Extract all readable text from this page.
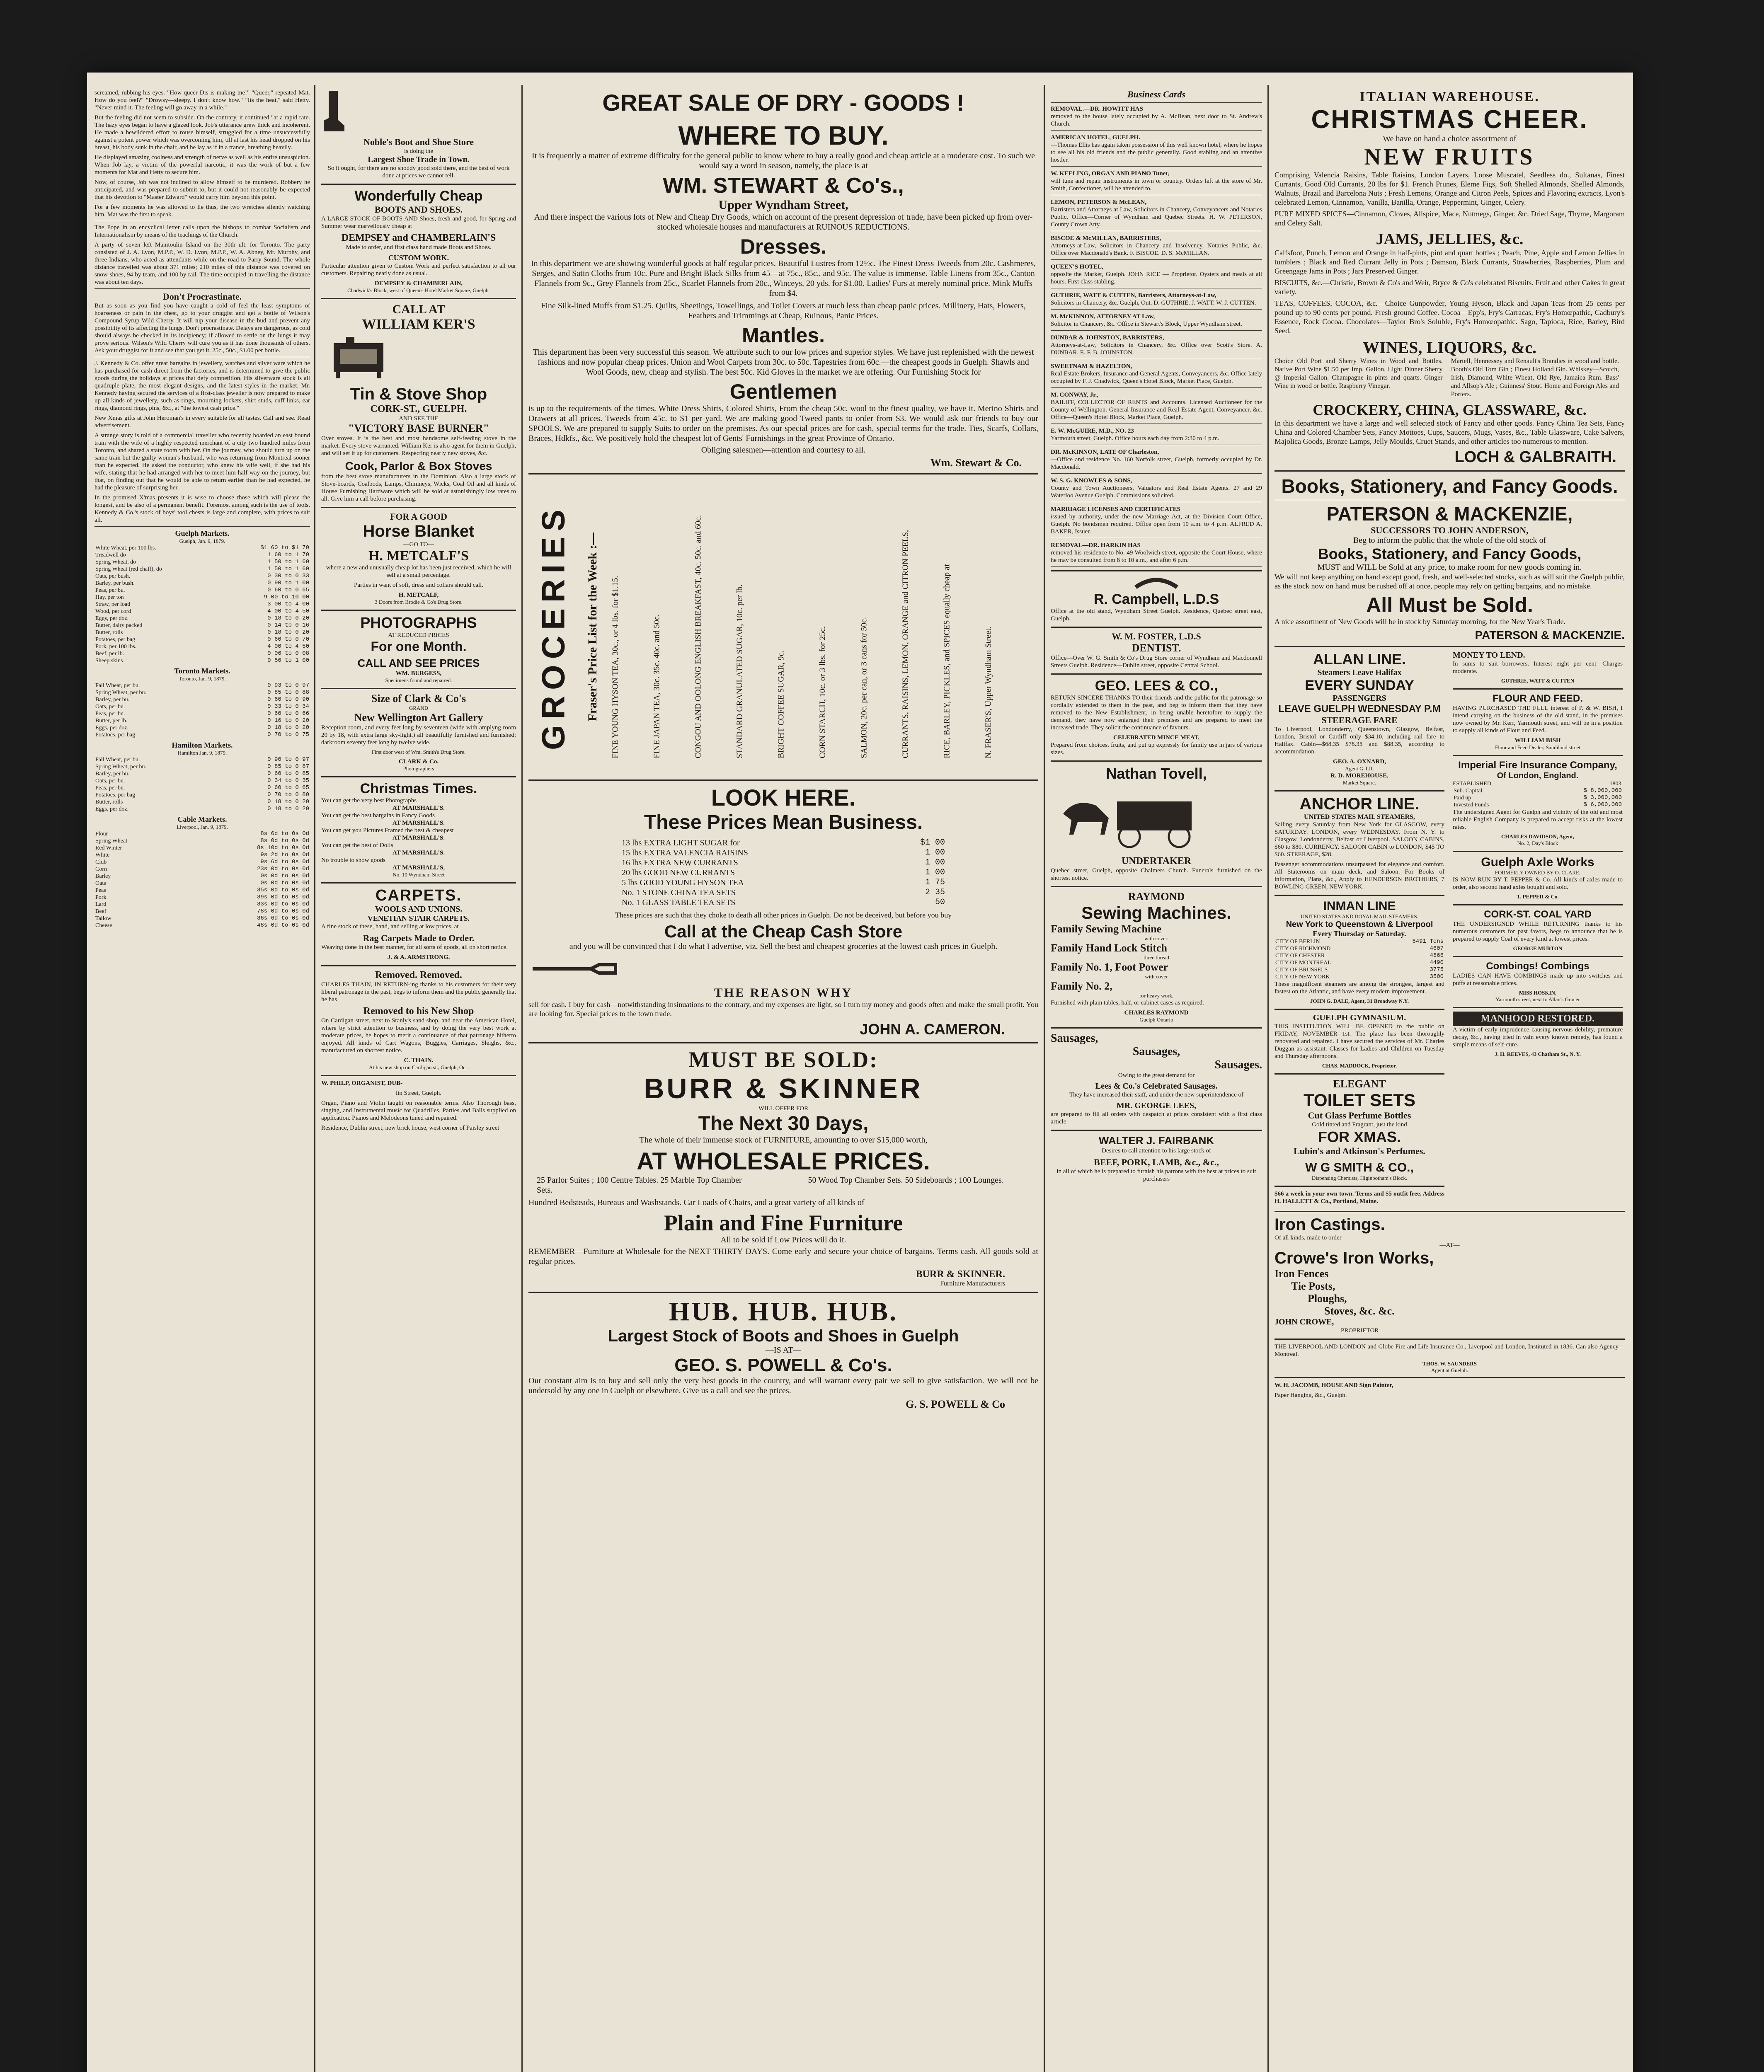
screamed, rubbing his eyes. "How queer Dis is making me!" "Queer," repeated Mat. How do you feel?" "Drowsy—sleepy. I don't know how." "Its the heat," said Hetty. "Never mind it. The feeling will go away in a while."

But the feeling did not seem to subside. On the contrary, it continued "at a rapid rate. The hazy eyes began to have a glazed look. Job's utterance grew thick and incoherent. He made a bewildered effort to rouse himself, struggled for a time unsuccessfully against a potent power which was overcoming him, till at last his head dropped on his breast, his body sunk in the chair, and he lay as if in a trance, breathing heavily.

He displayed amazing coolness and strength of nerve as well as his entire unsuspicion. When Job lay, a victim of the powerful narcotic, it was the work of but a few moments for Mat and Hetty to secure him.

Now, of course, Job was not inclined to allow himself to be murdered. Robbery he anticipated, and was prepared to submit to, but it could not reasonably be expected that his devotion to "Master Edward" would carry him beyond this point.

For a few moments he was allowed to lie thus, the two wretches silently watching him. Mat was the first to speak.

The Pope in an encyclical letter calls upon the bishops to combat Socialism and Internationalism by means of the teachings of the Church.

A party of seven left Manitoulin Island on the 30th ult. for Toronto. The party consisted of J. A. Lyon, M.P.P., W. D. Lyon, M.P.P., W. A. Abney, Mr. Murphy, and three Indians, who acted as attendants while on the road to Parry Sound. The whole distance travelled was about 371 miles; 210 miles of this distance was covered on snow-shoes, 94 by team, and 100 by rail. The time occupied in travelling the distance was about ten days.

Don't Procrastinate.

But as soon as you find you have caught a cold of feel the least symptoms of hoarseness or pain in the chest, go to your druggist and get a bottle of Wilson's Compound Syrup Wild Cherry. It will nip your disease in the bud and prevent any possibility of its affecting the lungs. Don't procrastinate. Delays are dangerous, as cold should always be checked in its incipiency; if allowed to settle on the lungs it may prove serious. Wilson's Wild Cherry will cure you as it has done thousands of others. Ask your druggist for it and see that you get it. 25c., 50c., $1.00 per bottle.

J. Kennedy & Co. offer great bargains in jewellery, watches and silver ware which he has purchased for cash direct from the factories, and is determined to give the public goods during the holidays at prices that defy competition. His silverware stock is all quadruple plate, the most elegant designs, and the latest styles in the market. Mr. Kennedy having secured the services of a first-class jeweller is now prepared to make up all kinds of jewellery, such as rings, mourning lockets, shirt studs, cuff links, ear rings, diamond rings, pins, &c., at "the lowest cash price."

New Xmas gifts at John Heroman's in every suitable for all tastes. Call and see. Read advertisement.

A strange story is told of a commercial traveller who recently boarded an east bound train with the wife of a highly respected merchant of a city two hundred miles from Toronto, and shared a state room with her. On the journey, who should turn up on the same train but the guilty woman's husband, who was returning from Montreal sooner than he expected. He asked the conductor, who knew his wife well, if she had his wife, stating that he had arranged with her to meet him half way on the journey, but that, on finding out that he would be able to return earlier than he had expected, he had the pleasure of surprising her.

In the promised X'mas presents it is wise to choose those which will please the longest, and be also of a permanent benefit. Foremost among such is the use of tools. Kennedy & Co.'s stock of boys' tool chests is large and complete, with prices to suit all.

Guelph Markets.
Guelph, Jan. 9, 1879.
White Wheat, per 100 lbs.	$1 60 to $1 70
Treadwell do	1 60 to 1 70
Spring Wheat, do	1 50 to 1 60
Spring Wheat (red chaff), do	1 50 to 1 60
Oats, per bush.	0 30 to 0 33
Barley, per bush.	0 90 to 1 00
Peas, per bu.	0 60 to 0 65
Hay, per ton	9 00 to 10 00
Straw, per load	3 00 to 4 00
Wood, per cord	4 00 to 4 50
Eggs, per doz.	0 18 to 0 20
Butter, dairy packed	0 14 to 0 16
Butter, rolls	0 18 to 0 20
Potatoes, per bag	0 60 to 0 70
Pork, per 100 lbs.	4 00 to 4 50
Beef, per lb.	0 06 to 0 08
Sheep skins	0 50 to 1 00
Toronto Markets.
Toronto, Jan. 9, 1879.
Fall Wheat, per bu.	0 93 to 0 97
Spring Wheat, per bu.	0 85 to 0 88
Barley, per bu.	0 60 to 0 90
Oats, per bu.	0 33 to 0 34
Peas, per bu.	0 60 to 0 66
Butter, per lb.	0 16 to 0 20
Eggs, per doz.	0 18 to 0 20
Potatoes, per bag	0 70 to 0 75
Hamilton Markets.
Hamilton Jan. 9, 1879.
Fall Wheat, per bu.	0 90 to 0 97
Spring Wheat, per bu.	0 85 to 0 87
Barley, per bu.	0 60 to 0 85
Oats, per bu.	0 34 to 0 35
Peas, per bu.	0 60 to 0 65
Potatoes, per bag	0 70 to 0 80
Butter, rolls	0 18 to 0 20
Eggs, per doz.	0 18 to 0 20
Cable Markets.
Liverpool, Jan. 9, 1879.
Flour	8s 6d to 0s 0d
Spring Wheat	8s 0d to 0s 0d
Red Winter	8s 10d to 0s 0d
White	9s 2d to 0s 0d
Club	9s 6d to 0s 0d
Corn	23s 0d to 0s 0d
Barley	0s 0d to 0s 0d
Oats	0s 0d to 0s 0d
Peas	35s 0d to 0s 0d
Pork	39s 0d to 0s 0d
Lard	33s 0d to 0s 0d
Beef	78s 0d to 0s 0d
Tallow	36s 6d to 0s 0d
Cheese	48s 0d to 0s 0d
Noble's Boot and Shoe Store
is doing the
Largest Shoe Trade in Town.

So it ought, for there are no shoddy good sold there, and the best of work done at prices we cannot tell.

Wonderfully Cheap
BOOTS AND SHOES.

A LARGE STOCK OF BOOTS AND Shoes, fresh and good, for Spring and Summer wear marvellously cheap at

DEMPSEY and CHAMBERLAIN'S

Made to order, and first class hand made Boots and Shoes.

CUSTOM WORK.

Particular attention given to Custom Work and perfect satisfaction to all our customers. Repairing neatly done as usual.

DEMPSEY & CHAMBERLAIN,
Chadwick's Block, west of Queen's Hotel Market Square, Guelph.
CALL AT
WILLIAM KER'S
Tin & Stove Shop
CORK-ST., GUELPH.
AND SEE THE
"VICTORY BASE BURNER"

Over stoves. It is the best and most handsome self-feeding stove in the market. Every stove warranted. William Ker is also agent for them in Guelph, and will set it up for customers. Respecting nearly new stoves, &c.

Cook, Parlor & Box Stoves

from the best stove manufacturers in the Dominion. Also a large stock of Stove-boards, Coalbods, Lamps, Chimneys, Wicks, Coal Oil and all kinds of House Furnishing Hardware which will be sold at astonishingly low rates to all. Give him a call before purchasing.

FOR A GOOD
Horse Blanket
—GO TO—
H. METCALF'S

where a new and unusually cheap lot has been just received, which he will sell at a small percentage.

Parties in want of soft, dress and collars should call.

H. METCALF,
3 Doors from Brodie & Co's Drug Store.
PHOTOGRAPHS
AT REDUCED PRICES
For one Month.
CALL AND SEE PRICES
WM. BURGESS,
Specimens found and repaired.
Size of Clark & Co's
GRAND
New Wellington Art Gallery

Reception room, and every feet long by seventeen (wide with amplyng room 20 by 18, with extra large sky-light.) all beautifully furnished and furnished; darkroom seventy feet long by twelve wide.

First door west of Wm. Smith's Drug Store.

CLARK & Co.
Photographers
Christmas Times.
You can get the very best Photographs
AT MARSHALL'S.
You can get the best bargains in Fancy Goods
AT MARSHALL'S.
You can get you Pictures Framed the best & cheapest
AT MARSHALL'S.
You can get the best of Dolls
AT MARSHALL'S.
No trouble to show goods
AT MARSHALL'S,
No. 10 Wyndham Street
CARPETS.
WOOLS AND UNIONS.
VENETIAN STAIR CARPETS.

A fine stock of these, hand, and selling at low prices, at

Rag Carpets Made to Order.

Weaving done in the best manner, for all sorts of goods, all on short notice.

J. & A. ARMSTRONG.
Removed. Removed.

CHARLES THAIN, IN RETURN-ing thanks to his customers for their very liberal patronage in the past, begs to inform them and the public generally that he has

Removed to his New Shop

On Cardigan street, next to Stanly's sand shop, and near the American Hotel, where by strict attention to business, and by doing the very best work at moderate prices, he hopes to merit a continuance of that patronage hitherto enjoyed. All kinds of Cart Wagons, Buggies, Carriages, Sleighs, &c., manufactured on shortest notice.

C. THAIN.
At his new shop on Cardigan st., Guelph, Oct.

W. PHILP, ORGANIST, DUB-

lin Street, Guelph.

Organ, Piano and Violin taught on reasonable terms. Also Thorough bass, singing, and Instrumental music for Quadrilles, Parties and Balls supplied on application. Pianos and Melodeons tuned and repaired.

Residence, Dublin street, new brick house, west corner of Paisley street

GREAT SALE OF DRY - GOODS !
WHERE TO BUY.

It is frequently a matter of extreme difficulty for the general public to know where to buy a really good and cheap article at a moderate cost. To such we would say a word in season, namely, the place is at

WM. STEWART & Co's.,
Upper Wyndham Street,

And there inspect the various lots of New and Cheap Dry Goods, which on account of the present depression of trade, have been picked up from over-stocked wholesale houses and manufacturers at RUINOUS REDUCTIONS.

Dresses.

In this department we are showing wonderful goods at half regular prices. Beautiful Lustres from 12½c. The Finest Dress Tweeds from 20c. Cashmeres, Serges, and Satin Cloths from 10c. Pure and Bright Black Silks from 45—at 75c., 85c., and 95c. The value is immense. Table Linens from 35c., Canton Flannels from 9c., Grey Flannels from 25c., Scarlet Flannels from 20c., Winceys, 20 yds. for $1.00. Ladies' Furs at merely nominal price. Mink Muffs from $4.

Fine Silk-lined Muffs from $1.25. Quilts, Sheetings, Towellings, and Toilet Covers at much less than cheap panic prices. Millinery, Hats, Flowers, Feathers and Trimmings at Cheap, Ruinous, Panic Prices.

Mantles.

This department has been very successful this season. We attribute such to our low prices and superior styles. We have just replenished with the newest fashions and now popular cheap prices. Union and Wool Carpets from 30c. to 50c. Tapestries from 60c.—the cheapest goods in Guelph. Shawls and Wool Goods, new, cheap and stylish. The best 50c. Kid Gloves in the market we are offering. Our Furnishing Stock for

Gentlemen

is up to the requirements of the times. White Dress Shirts, Colored Shirts, From the cheap 50c. wool to the finest quality, we have it. Merino Shirts and Drawers at all prices. Tweeds from 45c. to $1 per yard. We are making good Tweed pants to order from $3. We would ask our friends to buy our SPOOLS. We are prepared to supply Suits to order on the premises. As our special prices are for cash, special terms for the trade. Ties, Scarfs, Collars, Braces, Hdkfs., &c. We positively hold the cheapest lot of Gents' Furnishings in the great Province of Ontario.

Obliging salesmen—attention and courtesy to all.

Wm. Stewart & Co.
GROCERIES Fraser's Price List for the Week :— FINE YOUNG HYSON TEA, 30c., or 4 lbs. for $1.15.	FINE JAPAN TEA, 30c. 35c. 40c. and 50c.	CONGOU AND OOLONG ENGLISH BREAKFAST, 40c. 50c. and 60c.	STANDARD GRANULATED SUGAR, 10c. per lb.	BRIGHT COFFEE SUGAR, 9c.	CORN STARCH, 10c. or 3 lbs. for 25c.	SALMON, 20c. per can, or 3 cans for 50c.	CURRANTS, RAISINS, LEMON, ORANGE and CITRON PEELS,	RICE, BARLEY, PICKLES, and SPICES equally cheap at	N. FRASER'S, Upper Wyndham Street.
LOOK HERE.
These Prices Mean Business.
13 lbs EXTRA LIGHT SUGAR for	$1 00
15 lbs EXTRA VALENCIA RAISINS	1 00
16 lbs EXTRA NEW CURRANTS	1 00
20 lbs GOOD NEW CURRANTS	1 00
5 lbs GOOD YOUNG HYSON TEA	1 75
No. 1 STONE CHINA TEA SETS	2 35
No. 1 GLASS TABLE TEA SETS	50

These prices are such that they choke to death all other prices in Guelph. Do not be deceived, but before you buy

Call at the Cheap Cash Store

and you will be convinced that I do what I advertise, viz. Sell the best and cheapest groceries at the lowest cash prices in Guelph.

THE REASON WHY

sell for cash. I buy for cash—notwithstanding insinuations to the contrary, and my expenses are light, so I turn my money and goods often and make the small profit. You are looking for. Special prices to the town trade.

JOHN A. CAMERON.
MUST BE SOLD:
BURR & SKINNER
WILL OFFER FOR
The Next 30 Days,

The whole of their immense stock of FURNITURE, amounting to over $15,000 worth,

AT WHOLESALE PRICES.
25 Parlor Suites ; 100 Centre Tables. 25 Marble Top Chamber Sets.
50 Wood Top Chamber Sets. 50 Sideboards ; 100 Lounges.

Hundred Bedsteads, Bureaus and Washstands. Car Loads of Chairs, and a great variety of all kinds of

Plain and Fine Furniture

All to be sold if Low Prices will do it.

REMEMBER—Furniture at Wholesale for the NEXT THIRTY DAYS. Come early and secure your choice of bargains. Terms cash. All goods sold at regular prices.

BURR & SKINNER.
Furniture Manufacturers
HUB. HUB. HUB.
Largest Stock of Boots and Shoes in Guelph
—IS AT—
GEO. S. POWELL & Co's.

Our constant aim is to buy and sell only the very best goods in the country, and will warrant every pair we sell to give satisfaction. We will not be undersold by any one in Guelph or elsewhere. Give us a call and see the prices.

G. S. POWELL & Co
Business Cards

REMOVAL.—DR. HOWITT HAS

removed to the house lately occupied by A. McBean, next door to St. Andrew's Church.

AMERICAN HOTEL, GUELPH.

—Thomas Ellis has again taken possession of this well known hotel, where he hopes to see all his old friends and the public generally. Good stabling and an attentive hostler.

W. KEELING, ORGAN AND PIANO Tuner,

will tune and repair instruments in town or country. Orders left at the store of Mr. Smith, Confectioner, will be attended to.

LEMON, PETERSON & McLEAN,

Barristers and Attorneys at Law, Solicitors in Chancery, Conveyancers and Notaries Public. Office—Corner of Wyndham and Quebec Streets. H. W. PETERSON, County Crown Atty.

BISCOE & McMILLAN, BARRISTERS,

Attorneys-at-Law, Solicitors in Chancery and Insolvency, Notaries Public, &c. Office over Macdonald's Bank. F. BISCOE. D. S. McMILLAN.

QUEEN'S HOTEL,

opposite the Market, Guelph. JOHN RICE — Proprietor. Oysters and meals at all hours. First class stabling.

GUTHRIE, WATT & CUTTEN, Barristers, Attorneys-at-Law,

Solicitors in Chancery, &c. Guelph, Ont. D. GUTHRIE. J. WATT. W. J. CUTTEN.

M. McKINNON, ATTORNEY AT Law,

Solicitor in Chancery, &c. Office in Stewart's Block, Upper Wyndham street.

DUNBAR & JOHNSTON, BARRISTERS,

Attorneys-at-Law, Solicitors in Chancery, &c. Office over Scott's Store. A. DUNBAR. E. F. B. JOHNSTON.

SWEETNAM & HAZELTON,

Real Estate Brokers, Insurance and General Agents, Conveyancers, &c. Office lately occupied by F. J. Chadwick, Queen's Hotel Block, Market Place, Guelph.

M. CONWAY, Jr.,

BAILIFF, COLLECTOR OF RENTS and Accounts. Licensed Auctioneer for the County of Wellington. General Insurance and Real Estate Agent, Conveyancer, &c. Office—Queen's Hotel Block, Market Place, Guelph.

E. W. McGUIRE, M.D., NO. 23

Yarmouth street, Guelph. Office hours each day from 2:30 to 4 p.m.

DR. McKINNON, LATE OF Charleston,

—Office and residence No. 160 Norfolk street, Guelph, formerly occupied by Dr. Macdonald.

W. S. G. KNOWLES & SONS,

County and Town Auctioneers, Valuators and Real Estate Agents. 27 and 29 Waterloo Avenue Guelph. Commissions solicited.

MARRIAGE LICENSES AND CERTIFICATES

issued by authority, under the new Marriage Act, at the Division Court Office, Guelph. No bondsmen required. Office open from 10 a.m. to 4 p.m. ALFRED A. BAKER, Issuer.

REMOVAL—DR. HARKIN HAS

removed his residence to No. 49 Woolwich street, opposite the Court House, where he may be consulted from 8 to 10 a.m., and after 6 p.m.

R. Campbell, L.D.S

Office at the old stand, Wyndham Street Guelph. Residence, Quebec street east, Guelph.

W. M. FOSTER, L.D.S
DENTIST.

Office—Over W. G. Smith & Co's Drug Store corner of Wyndham and Macdonnell Streets Guelph. Residence—Dublin street, opposite Central School.

GEO. LEES & CO.,

RETURN SINCERE THANKS TO their friends and the public for the patronage so cordially extended to them in the past, and beg to inform them that they have removed to the New Establishment, in being unable heretofore to supply the demand, they have now enlarged their premises and are prepared to meet the increased trade. They solicit the continuance of favours.

CELEBRATED MINCE MEAT,

Prepared from choicest fruits, and put up expressly for family use in jars of various sizes.

Nathan Tovell,
UNDERTAKER

Quebec street, Guelph, opposite Chalmers Church. Funerals furnished on the shortest notice.

RAYMOND
Sewing Machines.
Family Sewing Machine
with cover.
Family Hand Lock Stitch
three thread
Family No. 1, Foot Power
with cover
Family No. 2,
for heavy work,

Furnished with plain tables, half, or cabinet cases as required.

CHARLES RAYMOND
Guelph Ontario
Sausages,
Sausages,
Sausages.

Owing to the great demand for

Lees & Co.'s Celebrated Sausages.

They have increased their staff, and under the new superintendence of

MR. GEORGE LEES,

are prepared to fill all orders with despatch at prices consistent with a first class article.

WALTER J. FAIRBANK

Desires to call attention to his large stock of

BEEF, PORK, LAMB, &c., &c.,

in all of which he is prepared to furnish his patrons with the best at prices to suit purchasers

ITALIAN WAREHOUSE.
CHRISTMAS CHEER.
We have on hand a choice assortment of
NEW FRUITS

Comprising Valencia Raisins, Table Raisins, London Layers, Loose Muscatel, Seedless do., Sultanas, Finest Currants, Good Old Currants, 20 lbs for $1. French Prunes, Eleme Figs, Soft Shelled Almonds, Shelled Almonds, Walnuts, Brazil and Barcelona Nuts ; Fresh Lemons, Orange and Citron Peels, Spices and Flavoring extracts, Lyon's celebrated Lemon, Cinnamon, Vanilla, Banilla, Orange, Peppermint, Ginger, Celery.

PURE MIXED SPICES—Cinnamon, Cloves, Allspice, Mace, Nutmegs, Ginger, &c. Dried Sage, Thyme, Margoram and Celery Salt.

JAMS, JELLIES, &c.

Calfsfoot, Punch, Lemon and Orange in half-pints, pint and quart bottles ; Peach, Pine, Apple and Lemon Jellies in tumblers ; Black and Red Currant Jelly in Pots ; Damson, Black Currants, Strawberries, Raspberries, Plum and Greengage Jams in Pots ; Jars Preserved Ginger.

BISCUITS, &c.—Christie, Brown & Co's and Weir, Bryce & Co's celebrated Biscuits. Fruit and other Cakes in great variety.

TEAS, COFFEES, COCOA, &c.—Choice Gunpowder, Young Hyson, Black and Japan Teas from 25 cents per pound up to 90 cents per pound. Fresh ground Coffee. Cocoa—Epp's, Fry's Carracas, Fry's Homœpathic, Cadbury's Essence, Rock Cocoa. Chocolates—Taylor Bro's Soluble, Fry's Homœopathic. Sago, Tapioca, Rice, Barley, Bird Seed.

WINES, LIQUORS, &c.

Choice Old Port and Sherry Wines in Wood and Bottles. Native Port Wine $1.50 per Imp. Gallon. Light Dinner Sherry @ Imperial Gallon. Champagne in pints and quarts. Ginger Wine in wood or bottle. Raspberry Vinegar.

Martell, Hennessey and Renault's Brandies in wood and bottle. Booth's Old Tom Gin ; Finest Holland Gin. Whiskey—Scotch, Irish, Diamond, White Wheat, Old Rye, Jamaica Rum. Bass' and Allsop's Ale ; Guinness' Stout. Home and Foreign Ales and Porters.

CROCKERY, CHINA, GLASSWARE, &c.

In this department we have a large and well selected stock of Fancy and other goods. Fancy China Tea Sets, Fancy China and Colored Chamber Sets, Fancy Mottoes, Cups, Saucers, Mugs, Vases, &c., Table Glassware, Cake Salvers, Majolica Goods, Bronze Lamps, Jelly Moulds, Cruet Stands, and other articles too numerous to mention.

LOCH & GALBRAITH.
Books, Stationery, and Fancy Goods.
PATERSON & MACKENZIE,
SUCCESSORS TO JOHN ANDERSON,
Beg to inform the public that the whole of the old stock of
Books, Stationery, and Fancy Goods,
MUST and WILL be Sold at any price, to make room for new goods coming in.

We will not keep anything on hand except good, fresh, and well-selected stocks, such as will suit the Guelph public, as the stock now on hand must be rushed off at once, people may rely on getting bargains, and no mistake.

All Must be Sold.

A nice assortment of New Goods will be in stock by Saturday morning, for the New Year's Trade.

PATERSON & MACKENZIE.
ALLAN LINE.
Steamers Leave Halifax
EVERY SUNDAY
PASSENGERS
LEAVE GUELPH WEDNESDAY P.M
STEERAGE FARE

To Liverpool, Londonderry, Queenstown, Glasgow, Belfast, London, Bristol or Cardiff only $34.10, including rail fare to Halifax. Cabin—$68.35 $78.35 and $88.35, according to accommodation.

GEO. A. OXNARD,
Agent G.T.R.
R. D. MOREHOUSE,
Market Square.
ANCHOR LINE.
UNITED STATES MAIL STEAMERS,

Sailing every Saturday from New York for GLASGOW, every SATURDAY. LONDON, every WEDNESDAY. From N. Y. to Glasgow, Londonderry, Belfast or Liverpool. SALOON CABINS, $60 to $80. CURRENCY. SALOON CABIN to LONDON, $45 TO $60. STEERAGE, $28.

Passenger accommodations unsurpassed for elegance and comfort. All Staterooms on main deck, and Saloon. For Books of information, Plans, &c., Apply to HENDERSON BROTHERS, 7 BOWLING GREEN, NEW YORK.

INMAN LINE
UNITED STATES AND ROYAL MAIL STEAMERS.
New York to Queenstown & Liverpool
Every Thursday or Saturday.
CITY OF BERLIN	5491 Tons
CITY OF RICHMOND	4607
CITY OF CHESTER	4566
CITY OF MONTREAL	4490
CITY OF BRUSSELS	3775
CITY OF NEW YORK	3500

These magnificent steamers are among the strongest, largest and fastest on the Atlantic, and have every modern improvement.

JOHN G. DALE, Agent, 31 Broadway N.Y.
GUELPH GYMNASIUM.

THIS INSTITUTION WILL BE OPENED to the public on FRIDAY, NOVEMBER 1st. The place has been thoroughly renovated and repaired. I have secured the services of Mr. Charles Duggan as assistant. Classes for Ladies and Children on Tuesday and Thursday afternoons.

CHAS. MADDOCK, Proprietor.
ELEGANT
TOILET SETS
Cut Glass Perfume Bottles
Gold tinted and Fragrant, just the kind
FOR XMAS.
Lubin's and Atkinson's Perfumes.
W G SMITH & CO.,
Dispensing Chemists, Higinbotham's Block.

$66 a week in your own town. Terms and $5 outfit free. Address H. HALLETT & Co., Portland, Maine.

MONEY TO LEND.

In sums to suit borrowers. Interest eight per cent—Charges moderate.

GUTHRIE, WATT & CUTTEN
FLOUR AND FEED.

HAVING PURCHASED THE FULL interest of P. & W. BISH, I intend carrying on the business of the old stand, in the premises now owned by Mr. Kerr, Yarmouth street, and will be in a position to supply all kinds of Flour and Feed.

WILLIAM BISH
Flour and Feed Dealer, Sandiland street
Imperial Fire Insurance Company,
Of London, England.
ESTABLISHED	1803.
Sub. Capital	$ 8,000,000
Paid up	$ 3,000,000
Invested Funds	$ 6,000,000

The undersigned Agent for Guelph and vicinity of the old and most reliable English Company is prepared to accept risks at the lowest rates.

CHARLES DAVIDSON, Agent,
No. 2, Day's Block
Guelph Axle Works
FORMERLY OWNED BY O. CLARE,

IS NOW RUN BY T. PEPPER & Co. All kinds of axles made to order, also second hand axles bought and sold.

T. PEPPER & Co.
CORK-ST. COAL YARD

THE UNDERSIGNED WHILE RETURNING thanks to his numerous customers for past favors, begs to announce that he is prepared to supply Coal of every kind at lowest prices.

GEORGE MURTON
Combings! Combings

LADIES CAN HAVE COMBINGS made up into switches and puffs at reasonable prices.

MISS HOSKIN,
Yarmouth street, next to Allan's Grocer
MANHOOD RESTORED.

A victim of early imprudence causing nervous debility, premature decay, &c., having tried in vain every known remedy, has found a simple means of self-cure.

J. H. REEVES, 43 Chatham St., N. Y.
Iron Castings.
Of all kinds, made to order
—AT—
Crowe's Iron Works,
Iron Fences
Tie Posts,
Ploughs,
Stoves, &c. &c.
JOHN CROWE,
PROPRIETOR

THE LIVERPOOL AND LONDON and Globe Fire and Life Insurance Co., Liverpool and London, Instituted in 1836. Can also Agency—Montreal.

THOS. W. SAUNDERS
Agent at Guelph.

W. H. JACOMB, HOUSE AND Sign Painter,

Paper Hanging, &c., Guelph.
